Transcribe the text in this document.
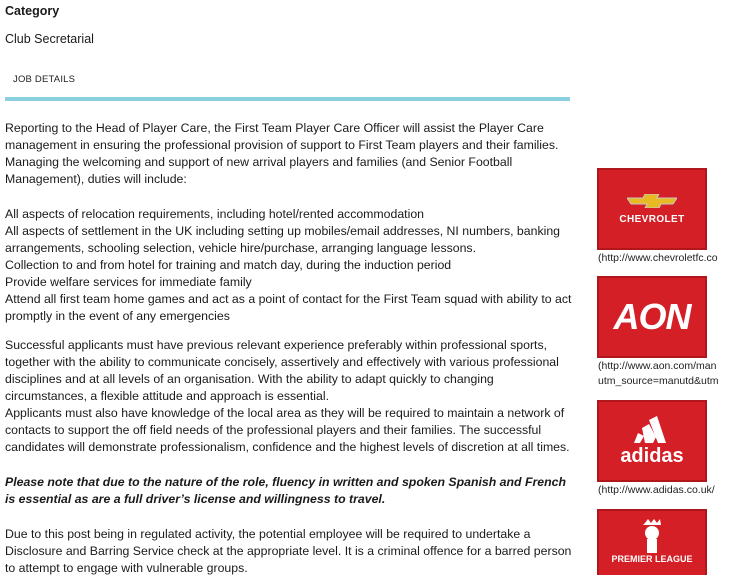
Category
Club Secretarial
JOB DETAILS

Reporting to the Head of Player Care, the First Team Player Care Officer will assist the Player Care

management in ensuring the professional provision of support to First Team players and their families.

Managing the welcoming and support of new arrival players and families (and Senior Football

Management), duties will include:

All aspects of relocation requirements, including hotel/rented accommodation

All aspects of settlement in the UK including setting up mobiles/email addresses, NI numbers, banking

arrangements, schooling selection, vehicle hire/purchase, arranging language lessons.

Collection to and from hotel for training and match day, during the induction period

Provide welfare services for immediate family

Attend all first team home games and act as a point of contact for the First Team squad with ability to act

promptly in the event of any emergencies

Successful applicants must have previous relevant experience preferably within professional sports,

together with the ability to communicate concisely, assertively and effectively with various professional

disciplines and at all levels of an organisation. With the ability to adapt quickly to changing

circumstances, a flexible attitude and approach is essential.

Applicants must also have knowledge of the local area as they will be required to maintain a network of

contacts to support the off field needs of the professional players and their families. The successful

candidates will demonstrate professionalism, confidence and the highest levels of discretion at all times.

Please note that due to the nature of the role, fluency in written and spoken Spanish and French

is essential as are a full driver’s license and willingness to travel.

Due to this post being in regulated activity, the potential employee will be required to undertake a

Disclosure and Barring Service check at the appropriate level. It is a criminal offence for a barred person

to attempt to engage with vulnerable groups.

CHEVROLET
(http://www.chevroletfc.co
AON
(http://www.aon.com/man
utm_source=manutd&utm
adidas
(http://www.adidas.co.uk/
PREMIER LEAGUE
